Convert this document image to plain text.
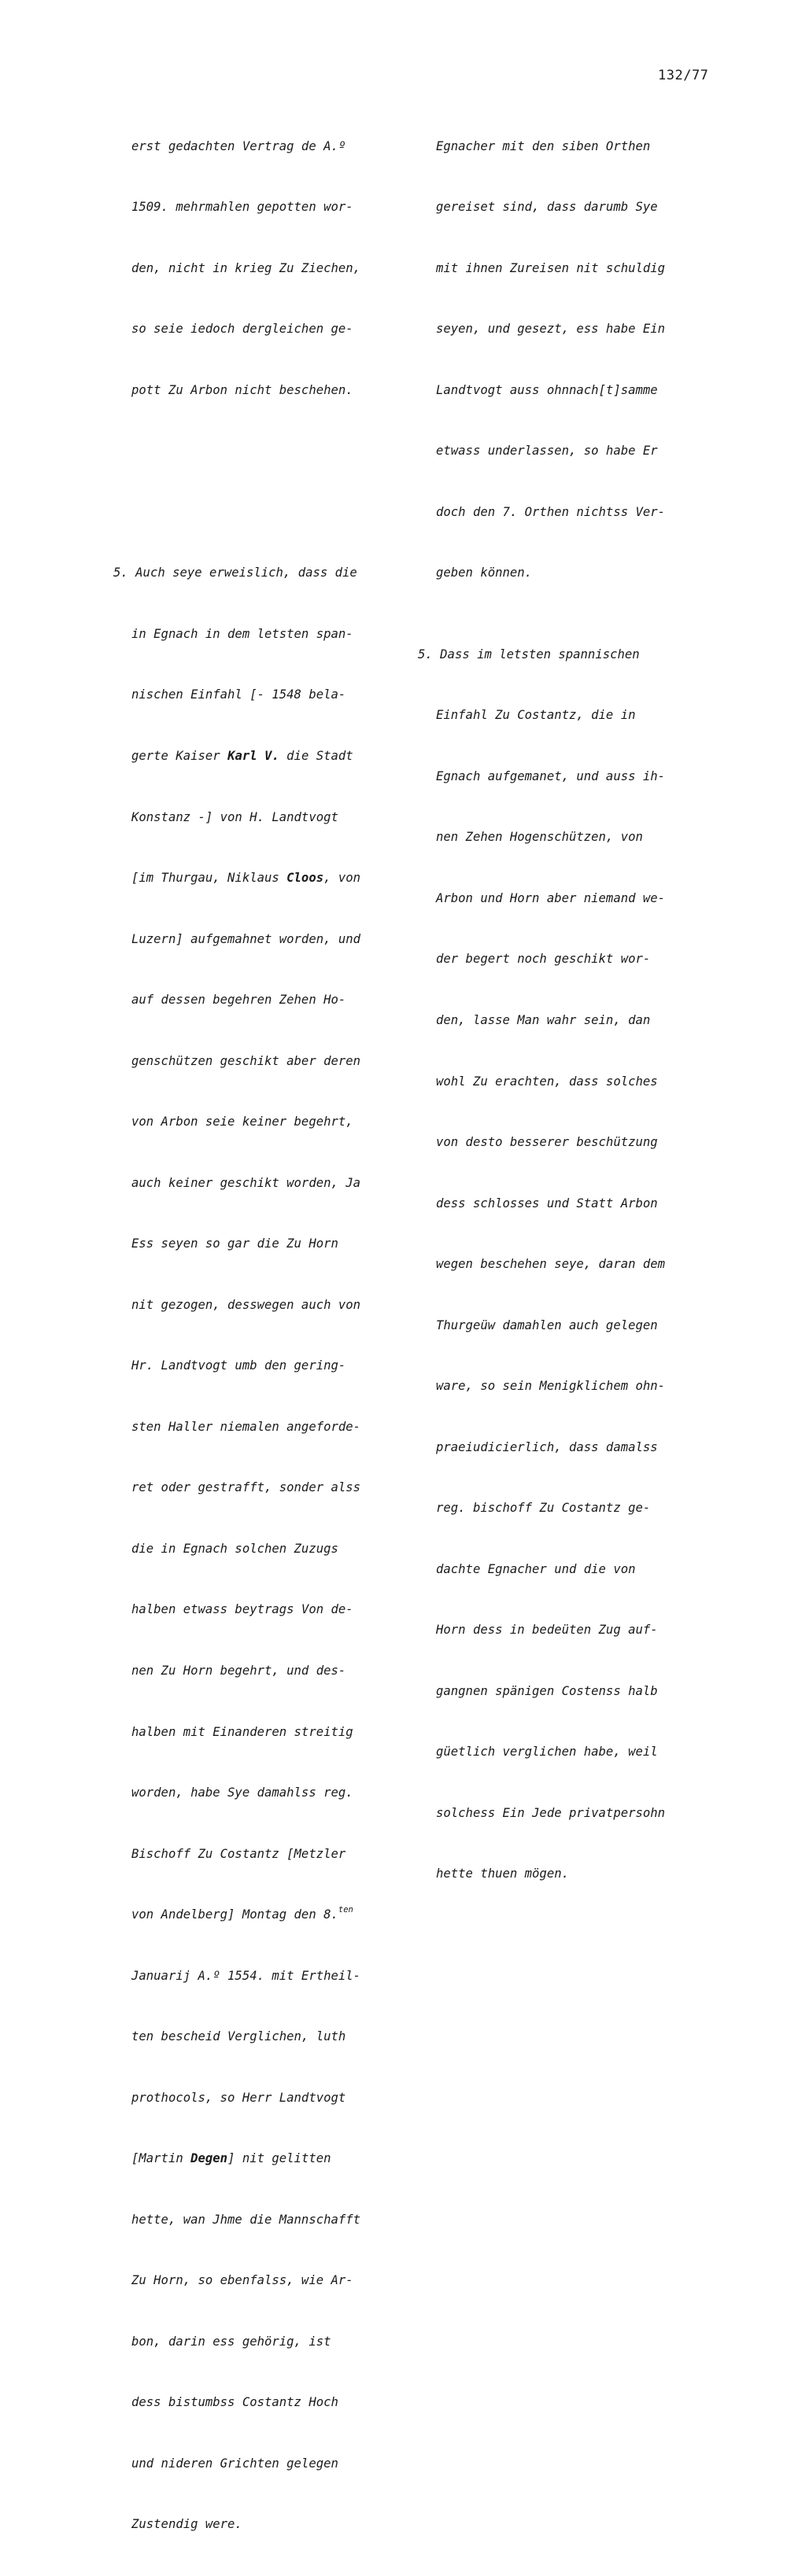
132/77

erst gedachten Vertrag de A.º

1509. mehrmahlen gepotten wor-

den, nicht in krieg Zu Ziechen,

so seie iedoch dergleichen ge-

pott Zu Arbon nicht beschehen.

5. Auch seye erweislich, dass die

in Egnach in dem letsten span-

nischen Einfahl [- 1548 bela-

gerte Kaiser Karl V. die Stadt

Konstanz -] von H. Landtvogt

[im Thurgau, Niklaus Cloos, von

Luzern] aufgemahnet worden, und

auf dessen begehren Zehen Ho-

genschützen geschikt aber deren

von Arbon seie keiner begehrt,

auch keiner geschikt worden, Ja

Ess seyen so gar die Zu Horn

nit gezogen, desswegen auch von

Hr. Landtvogt umb den gering-

sten Haller niemalen angeforde-

ret oder gestrafft, sonder alss

die in Egnach solchen Zuzugs

halben etwass beytrags Von de-

nen Zu Horn begehrt, und des-

halben mit Einanderen streitig

worden, habe Sye damahlss reg.

Bischoff Zu Costantz [Metzler

von Andelberg] Montag den 8.$^{ten}$

Januarij A.º 1554. mit Ertheil-

ten bescheid Verglichen, luth

prothocols, so Herr Landtvogt

[Martin Degen] nit gelitten

hette, wan Jhme die Mannschafft

Zu Horn, so ebenfalss, wie Ar-

bon, darin ess gehörig, ist

dess bistumbss Costantz Hoch

und nideren Grichten gelegen

Zustendig were.

Egnacher mit den siben Orthen

gereiset sind, dass darumb Sye

mit ihnen Zureisen nit schuldig

seyen, und gesezt, ess habe Ein

Landtvogt auss ohnnach[t]samme

etwass underlassen, so habe Er

doch den 7. Orthen nichtss Ver-

geben können.

5. Dass im letsten spannischen

Einfahl Zu Costantz, die in

Egnach aufgemanet, und auss ih-

nen Zehen Hogenschützen, von

Arbon und Horn aber niemand we-

der begert noch geschikt wor-

den, lasse Man wahr sein, dan

wohl Zu erachten, dass solches

von desto besserer beschützung

dess schlosses und Statt Arbon

wegen beschehen seye, daran dem

Thurgeüw damahlen auch gelegen

ware, so sein Menigklichem ohn-

praeiudicierlich, dass damalss

reg. bischoff Zu Costantz ge-

dachte Egnacher und die von

Horn dess in bedeüten Zug auf-

gangnen spänigen Costenss halb

güetlich verglichen habe, weil

solchess Ein Jede privatpersohn

hette thuen mögen.
